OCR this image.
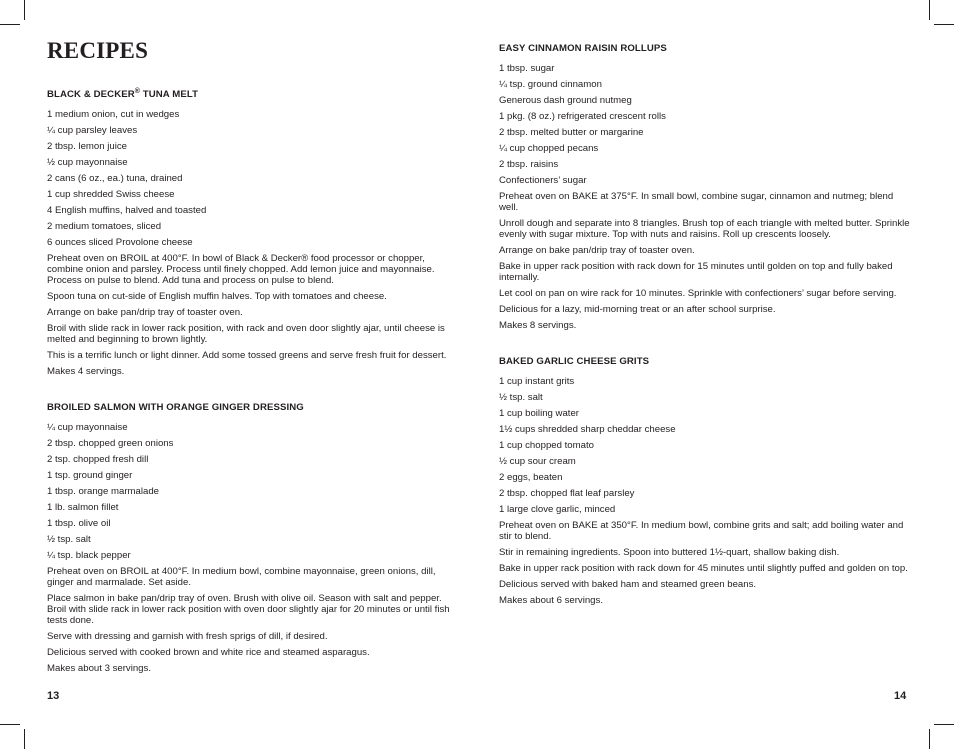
RECIPES
BLACK & DECKER® TUNA MELT
1 medium onion, cut in wedges
¼ cup parsley leaves
2 tbsp. lemon juice
½ cup mayonnaise
2 cans (6 oz., ea.) tuna, drained
1 cup shredded Swiss cheese
4 English muffins, halved and toasted
2 medium tomatoes, sliced
6 ounces sliced Provolone cheese
Preheat oven on BROIL at 400°F. In bowl of Black & Decker® food processor or chopper, combine onion and parsley. Process until finely chopped. Add lemon juice and mayonnaise. Process on pulse to blend. Add tuna and process on pulse to blend.
Spoon tuna on cut-side of English muffin halves. Top with tomatoes and cheese.
Arrange on bake pan/drip tray of toaster oven.
Broil with slide rack in lower rack position, with rack and oven door slightly ajar, until cheese is melted and beginning to brown lightly.
This is a terrific lunch or light dinner. Add some tossed greens and serve fresh fruit for dessert.
Makes 4 servings.
BROILED SALMON WITH ORANGE GINGER DRESSING
¼ cup mayonnaise
2 tbsp. chopped green onions
2 tsp. chopped fresh dill
1 tsp. ground ginger
1 tbsp. orange marmalade
1 lb. salmon fillet
1 tbsp. olive oil
½ tsp. salt
¼ tsp. black pepper
Preheat oven on BROIL at 400°F. In medium bowl, combine mayonnaise, green onions, dill, ginger and marmalade. Set aside.
Place salmon in bake pan/drip tray of oven. Brush with olive oil. Season with salt and pepper. Broil with slide rack in lower rack position with oven door slightly ajar for 20 minutes or until fish tests done.
Serve with dressing and garnish with fresh sprigs of dill, if desired.
Delicious served with cooked brown and white rice and steamed asparagus.
Makes about 3 servings.
13
EASY CINNAMON RAISIN ROLLUPS
1 tbsp. sugar
¼ tsp. ground cinnamon
Generous dash ground nutmeg
1 pkg. (8 oz.) refrigerated crescent rolls
2 tbsp. melted butter or margarine
¼ cup chopped pecans
2 tbsp. raisins
Confectioners’ sugar
Preheat oven on BAKE at 375°F. In small bowl, combine sugar, cinnamon and nutmeg; blend well.
Unroll dough and separate into 8 triangles. Brush top of each triangle with melted butter. Sprinkle evenly with sugar mixture. Top with nuts and raisins. Roll up crescents loosely.
Arrange on bake pan/drip tray of toaster oven.
Bake in upper rack position with rack down for 15 minutes until golden on top and fully baked internally.
Let cool on pan on wire rack for 10 minutes. Sprinkle with confectioners’ sugar before serving.
Delicious for a lazy, mid-morning treat or an after school surprise.
Makes 8 servings.
BAKED GARLIC CHEESE GRITS
1 cup instant grits
½ tsp. salt
1 cup boiling water
1½ cups shredded sharp cheddar cheese
1 cup chopped tomato
½ cup sour cream
2 eggs, beaten
2 tbsp. chopped flat leaf parsley
1 large clove garlic, minced
Preheat oven on BAKE at 350°F. In medium bowl, combine grits and salt; add boiling water and stir to blend.
Stir in remaining ingredients. Spoon into buttered 1½-quart, shallow baking dish.
Bake in upper rack position with rack down for 45 minutes until slightly puffed and golden on top.
Delicious served with baked ham and steamed green beans.
Makes about 6 servings.
14
